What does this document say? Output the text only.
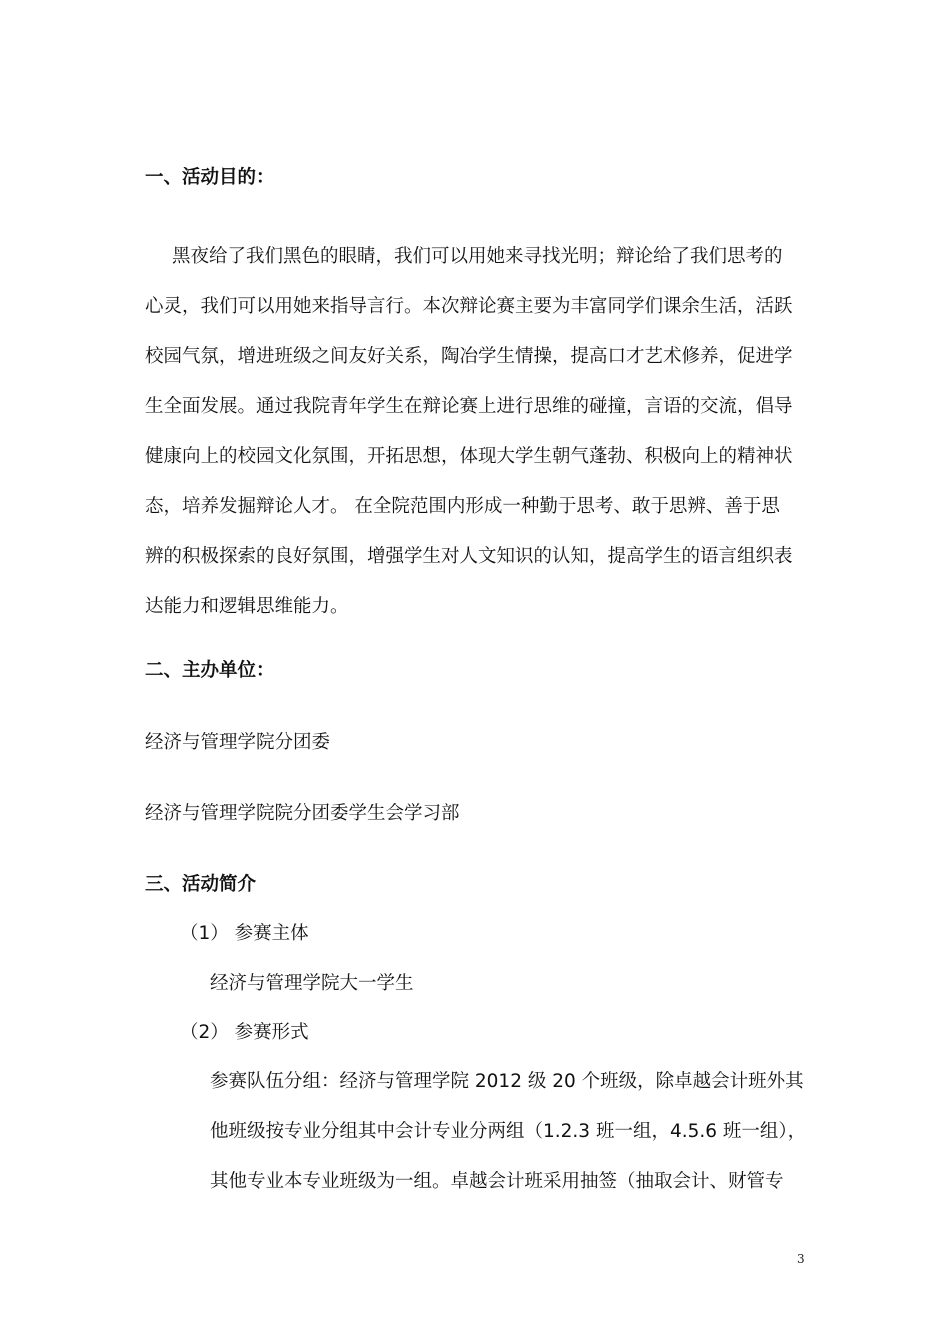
一、活动目的：
黑夜给了我们黑色的眼睛，我们可以用她来寻找光明；辩论给了我们思考的
心灵，我们可以用她来指导言行。本次辩论赛主要为丰富同学们课余生活，活跃
校园气氛，增进班级之间友好关系，陶冶学生情操，提高口才艺术修养，促进学
生全面发展。通过我院青年学生在辩论赛上进行思维的碰撞，言语的交流，倡导
健康向上的校园文化氛围，开拓思想，体现大学生朝气蓬勃、积极向上的精神状
态，培养发掘辩论人才。 在全院范围内形成一种勤于思考、敢于思辨、善于思
辨的积极探索的良好氛围，增强学生对人文知识的认知，提高学生的语言组织表
达能力和逻辑思维能力。
二、主办单位：
经济与管理学院分团委
经济与管理学院院分团委学生会学习部
三、活动简介
（1） 参赛主体
经济与管理学院大一学生
（2） 参赛形式
参赛队伍分组：经济与管理学院 2012 级 20 个班级，除卓越会计班外其
他班级按专业分组其中会计专业分两组（1.2.3 班一组，4.5.6 班一组），
其他专业本专业班级为一组。卓越会计班采用抽签（抽取会计、财管专
3
